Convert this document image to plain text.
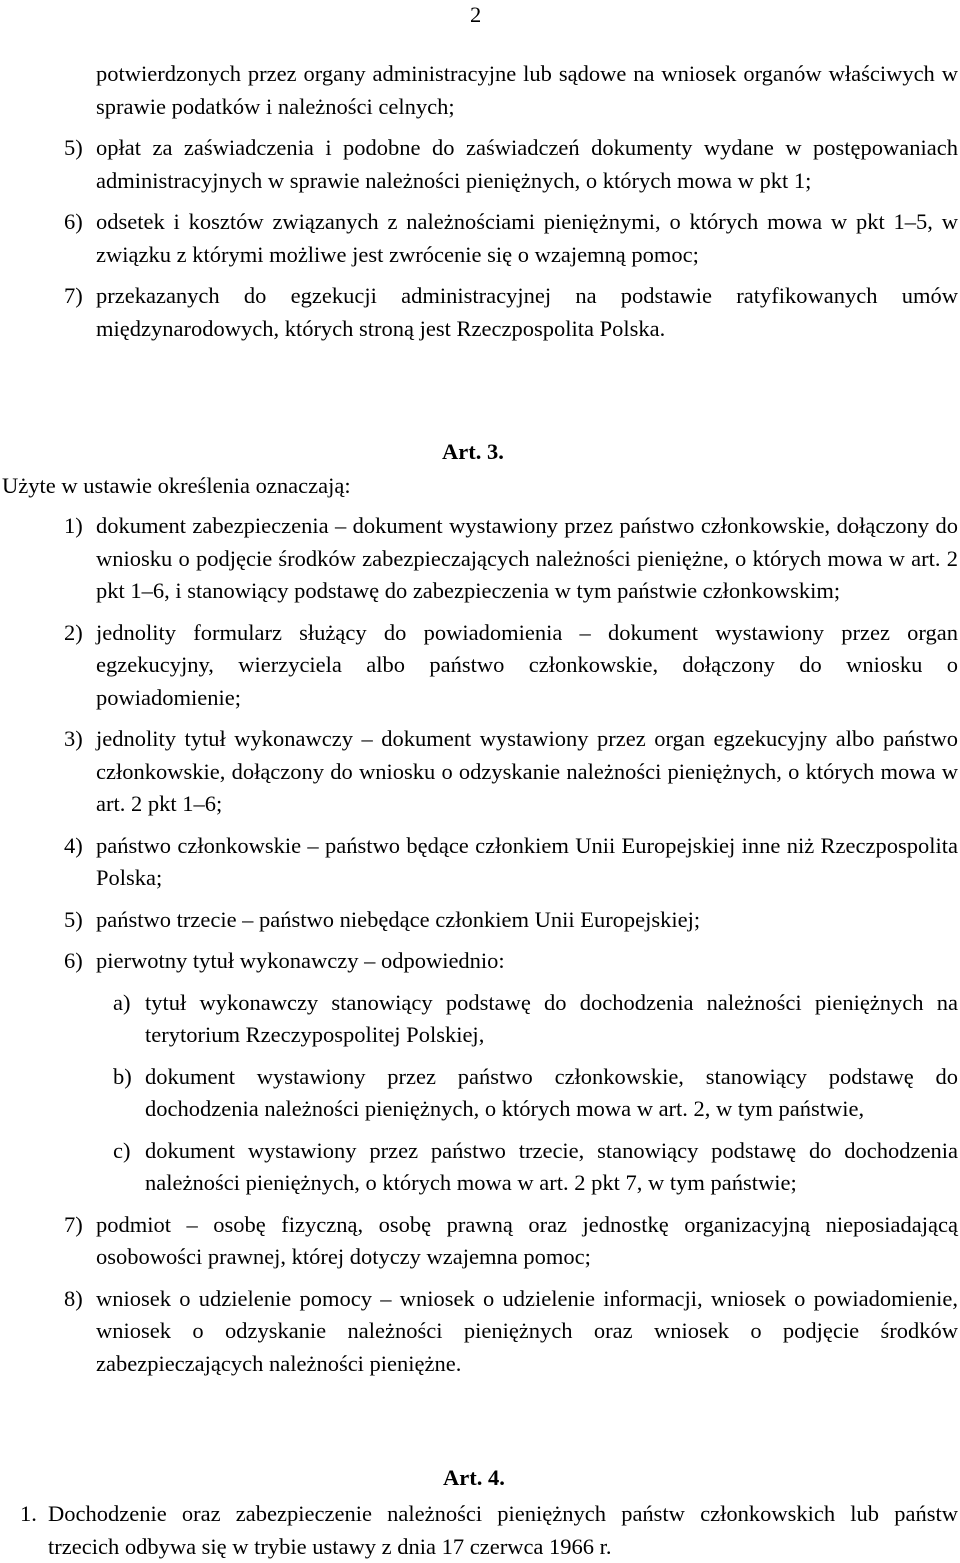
2
potwierdzonych przez organy administracyjne lub sądowe na wniosek organów właściwych w sprawie podatków i należności celnych;
5) opłat za zaświadczenia i podobne do zaświadczeń dokumenty wydane w postępowaniach administracyjnych w sprawie należności pieniężnych, o których mowa w pkt 1;
6) odsetek i kosztów związanych z należnościami pieniężnymi, o których mowa w pkt 1–5, w związku z którymi możliwe jest zwrócenie się o wzajemną pomoc;
7) przekazanych do egzekucji administracyjnej na podstawie ratyfikowanych umów międzynarodowych, których stroną jest Rzeczpospolita Polska.
Art. 3.
Użyte w ustawie określenia oznaczają:
1) dokument zabezpieczenia – dokument wystawiony przez państwo członkowskie, dołączony do wniosku o podjęcie środków zabezpieczających należności pieniężne, o których mowa w art. 2 pkt 1–6, i stanowiący podstawę do zabezpieczenia w tym państwie członkowskim;
2) jednolity formularz służący do powiadomienia – dokument wystawiony przez organ egzekucyjny, wierzyciela albo państwo członkowskie, dołączony do wniosku o powiadomienie;
3) jednolity tytuł wykonawczy – dokument wystawiony przez organ egzekucyjny albo państwo członkowskie, dołączony do wniosku o odzyskanie należności pieniężnych, o których mowa w art. 2 pkt 1–6;
4) państwo członkowskie – państwo będące członkiem Unii Europejskiej inne niż Rzeczpospolita Polska;
5) państwo trzecie – państwo niebędące członkiem Unii Europejskiej;
6) pierwotny tytuł wykonawczy – odpowiednio:
a) tytuł wykonawczy stanowiący podstawę do dochodzenia należności pieniężnych na terytorium Rzeczypospolitej Polskiej,
b) dokument wystawiony przez państwo członkowskie, stanowiący podstawę do dochodzenia należności pieniężnych, o których mowa w art. 2, w tym państwie,
c) dokument wystawiony przez państwo trzecie, stanowiący podstawę do dochodzenia należności pieniężnych, o których mowa w art. 2 pkt 7, w tym państwie;
7) podmiot – osobę fizyczną, osobę prawną oraz jednostkę organizacyjną nieposiadającą osobowości prawnej, której dotyczy wzajemna pomoc;
8) wniosek o udzielenie pomocy – wniosek o udzielenie informacji, wniosek o powiadomienie, wniosek o odzyskanie należności pieniężnych oraz wniosek o podjęcie środków zabezpieczających należności pieniężne.
Art. 4.
1. Dochodzenie oraz zabezpieczenie należności pieniężnych państw członkowskich lub państw trzecich odbywa się w trybie ustawy z dnia 17 czerwca 1966 r.
